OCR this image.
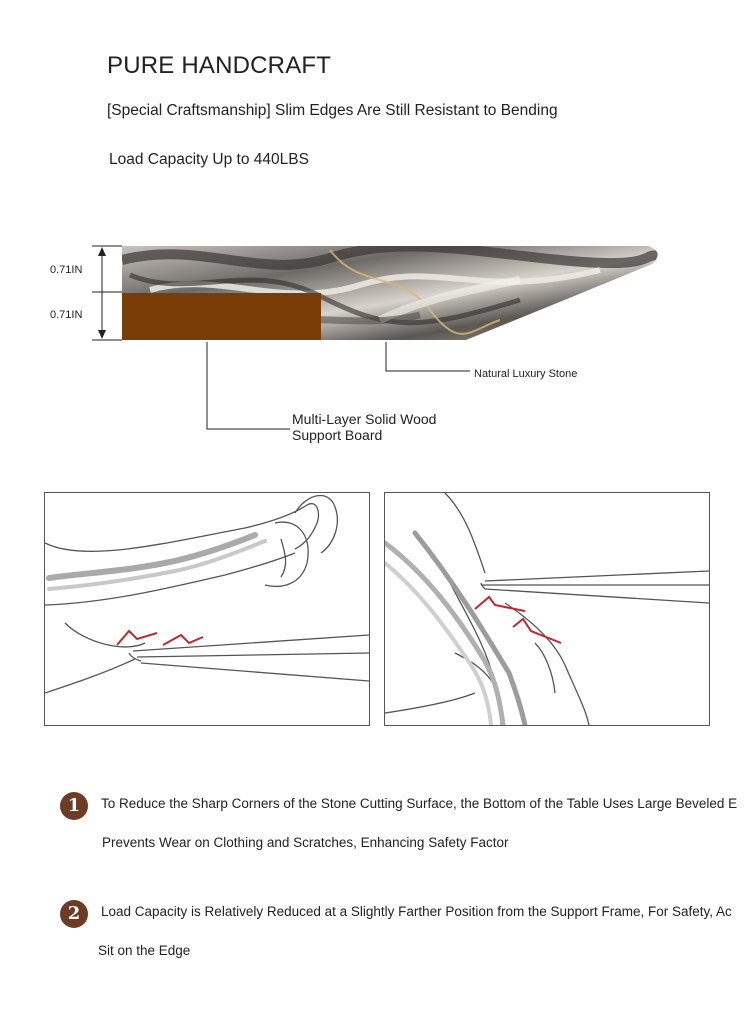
PURE HANDCRAFT
[Special Craftsmanship] Slim Edges Are Still Resistant to Bending
Load Capacity Up to 440LBS
0.71IN
0.71IN
Natural Luxury Stone
Multi-Layer Solid Wood
Support Board
1	To Reduce the Sharp Corners of the Stone Cutting Surface, the Bottom of the Table Uses Large Beveled E
Prevents Wear on Clothing and Scratches, Enhancing Safety Factor
2	Load Capacity is Relatively Reduced at a Slightly Farther Position from the Support Frame, For Safety, Ac
Sit on the Edge
